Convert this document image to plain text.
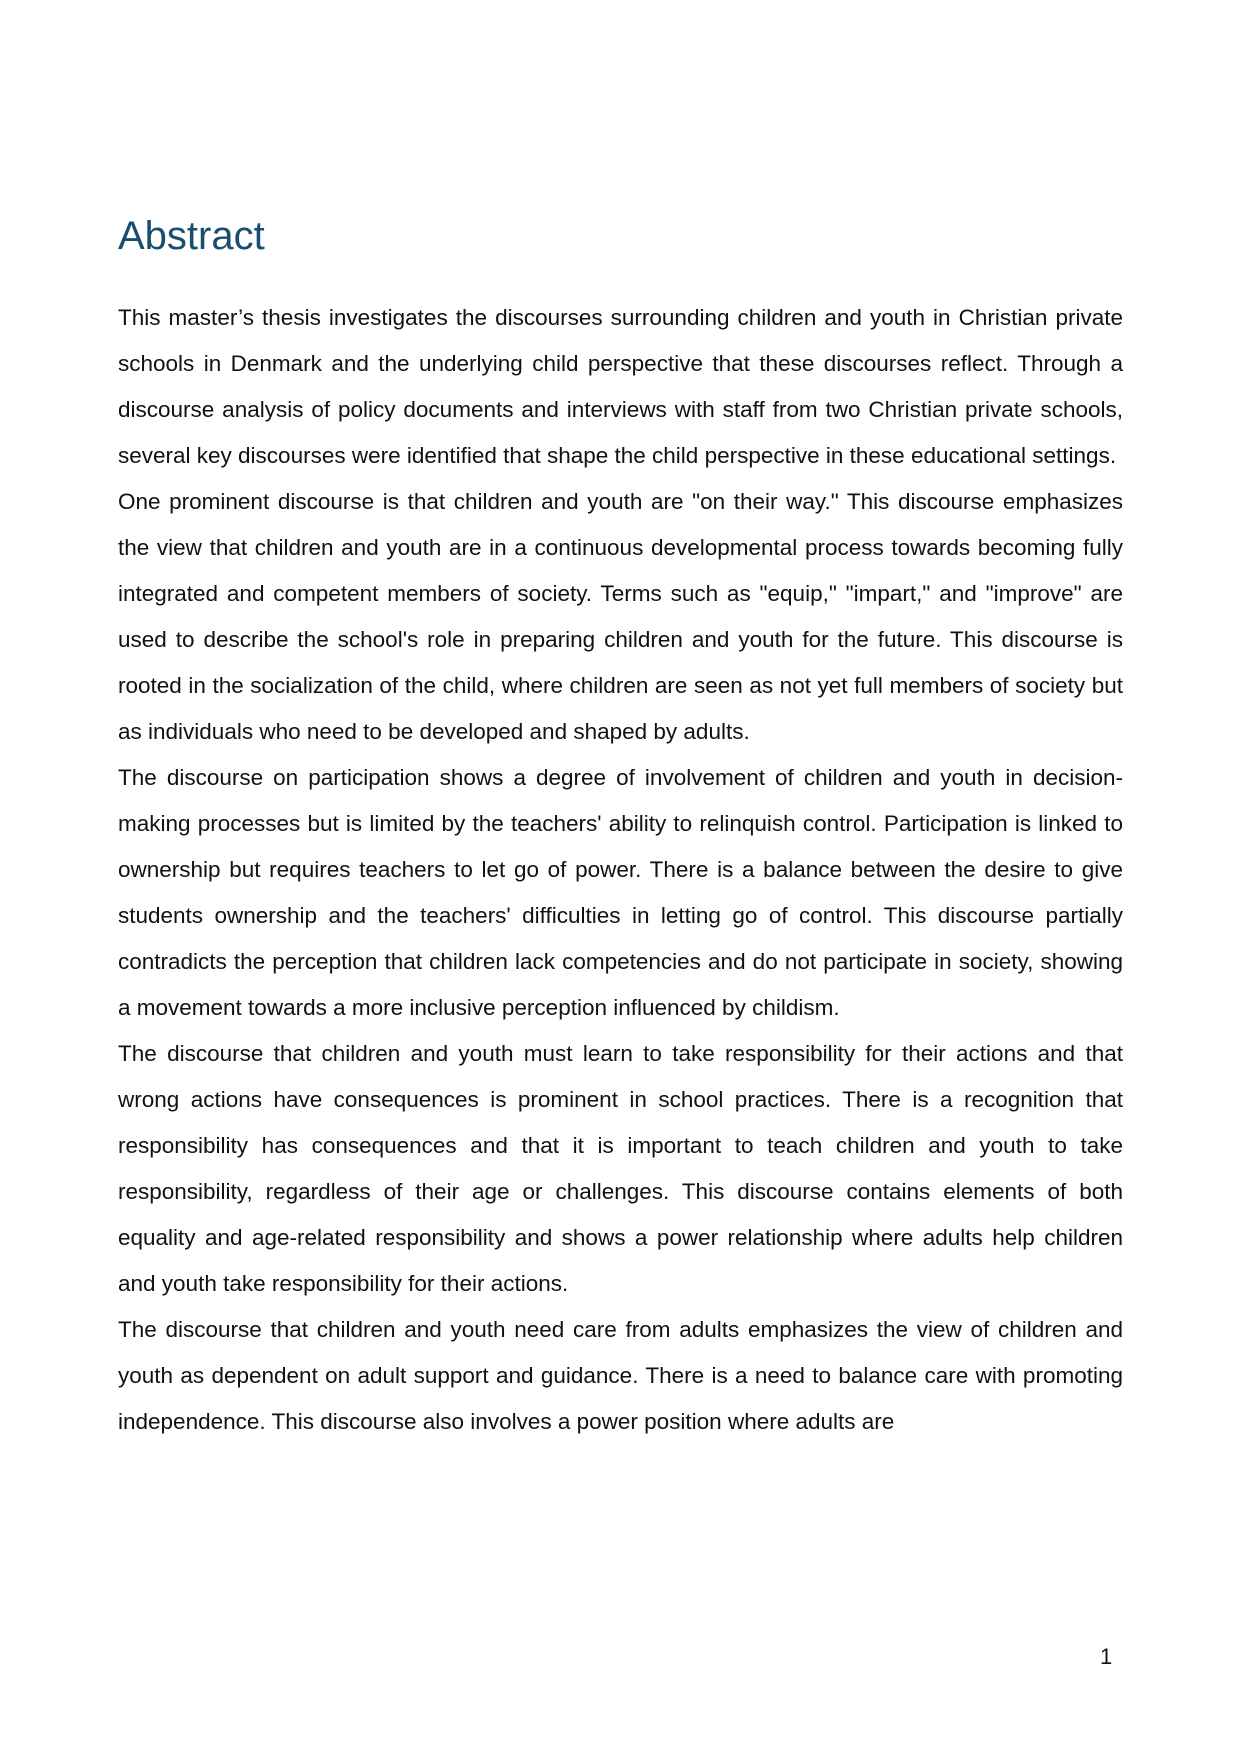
Abstract

This master’s thesis investigates the discourses surrounding children and youth in Christian private schools in Denmark and the underlying child perspective that these discourses reflect. Through a discourse analysis of policy documents and interviews with staff from two Christian private schools, several key discourses were identified that shape the child perspective in these educational settings.

One prominent discourse is that children and youth are "on their way." This discourse emphasizes the view that children and youth are in a continuous developmental process towards becoming fully integrated and competent members of society. Terms such as "equip," "impart," and "improve" are used to describe the school's role in preparing children and youth for the future. This discourse is rooted in the socialization of the child, where children are seen as not yet full members of society but as individuals who need to be developed and shaped by adults.

The discourse on participation shows a degree of involvement of children and youth in decision-making processes but is limited by the teachers' ability to relinquish control. Participation is linked to ownership but requires teachers to let go of power. There is a balance between the desire to give students ownership and the teachers' difficulties in letting go of control. This discourse partially contradicts the perception that children lack competencies and do not participate in society, showing a movement towards a more inclusive perception influenced by childism.

The discourse that children and youth must learn to take responsibility for their actions and that wrong actions have consequences is prominent in school practices. There is a recognition that responsibility has consequences and that it is important to teach children and youth to take responsibility, regardless of their age or challenges. This discourse contains elements of both equality and age-related responsibility and shows a power relationship where adults help children and youth take responsibility for their actions.

The discourse that children and youth need care from adults emphasizes the view of children and youth as dependent on adult support and guidance. There is a need to balance care with promoting independence. This discourse also involves a power position where adults are

1
